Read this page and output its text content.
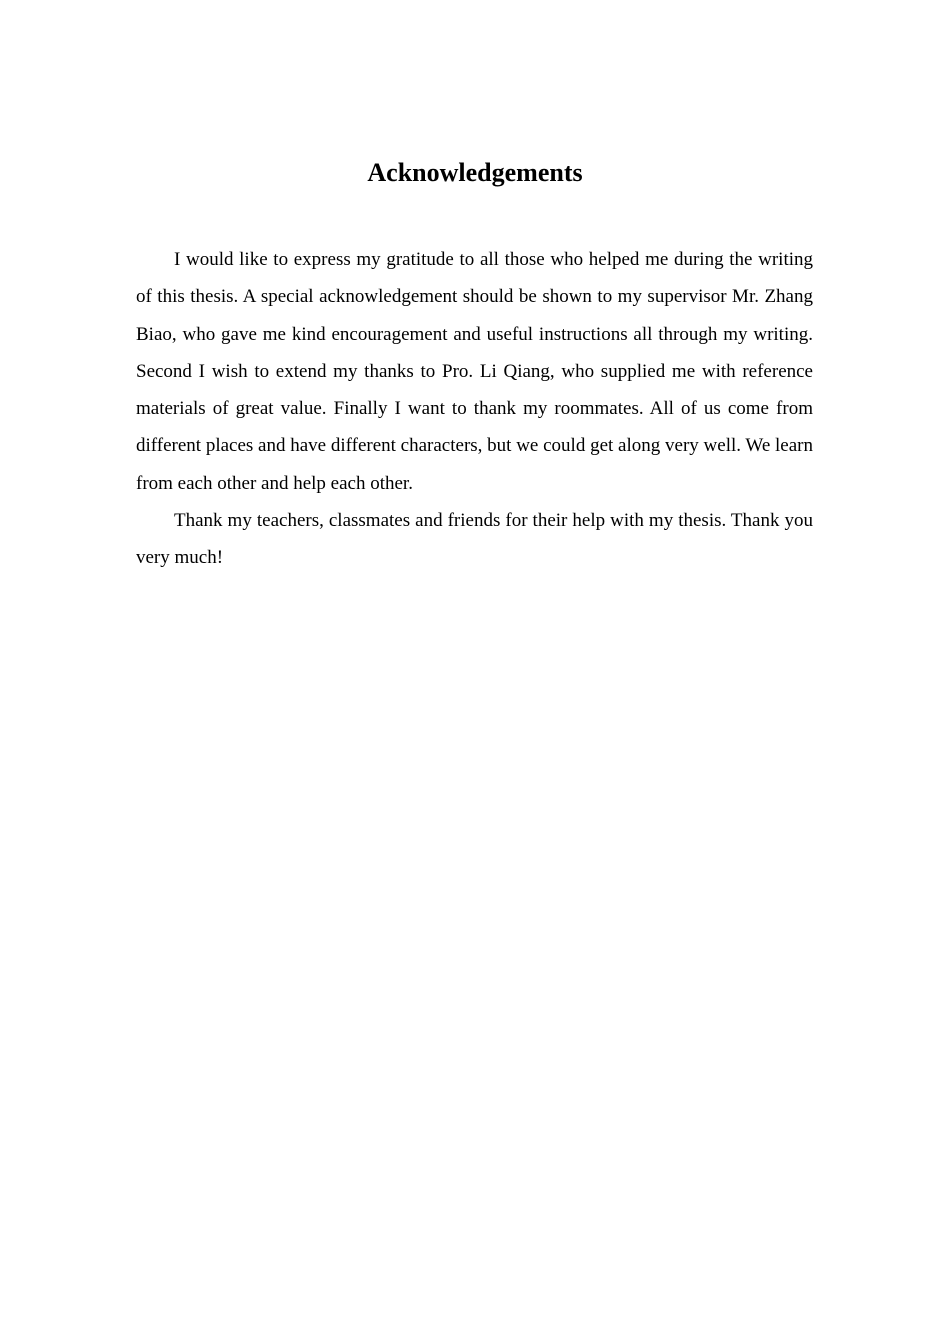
Acknowledgements

I would like to express my gratitude to all those who helped me during the writing of this thesis. A special acknowledgement should be shown to my supervisor Mr. Zhang Biao, who gave me kind encouragement and useful instructions all through my writing. Second I wish to extend my thanks to Pro. Li Qiang, who supplied me with reference materials of great value. Finally I want to thank my roommates. All of us come from different places and have different characters, but we could get along very well. We learn from each other and help each other.

Thank my teachers, classmates and friends for their help with my thesis. Thank you very much!
